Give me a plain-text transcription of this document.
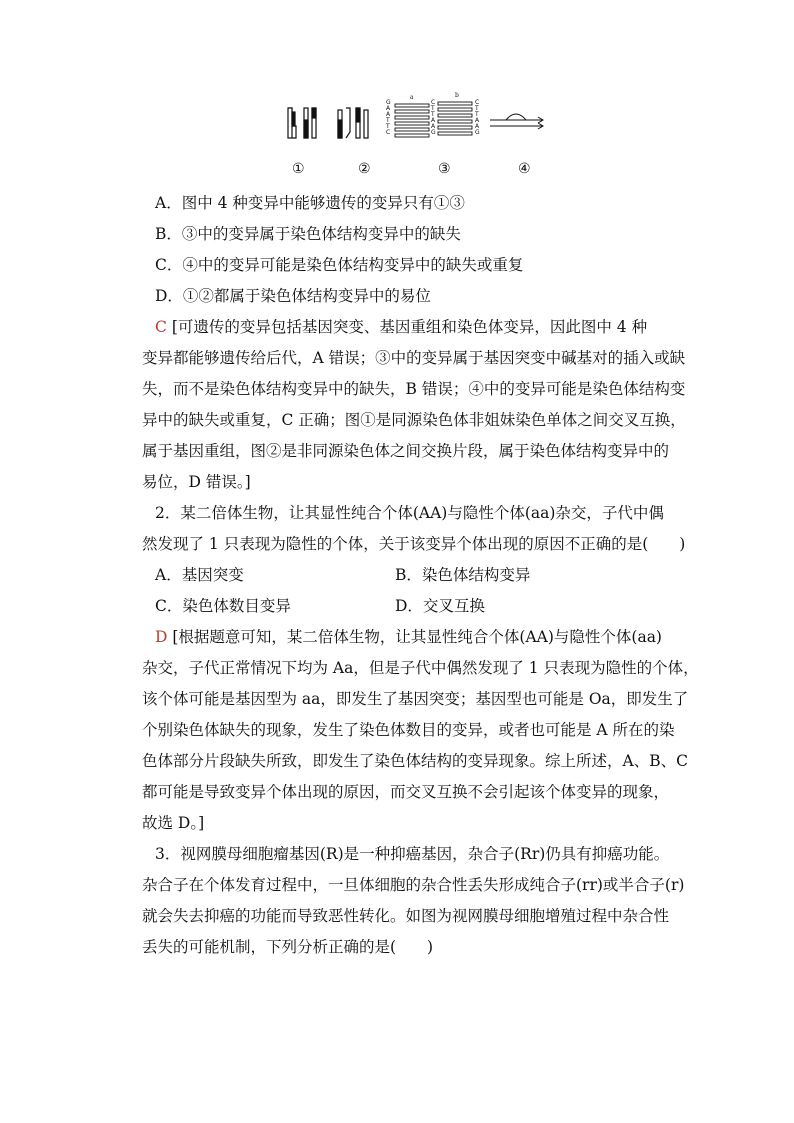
G
A
A
T
T
C
C
T
T
A
A
G
C
T
T
A
A
G
a	b
①	②	③	④
A．图中 4 种变异中能够遗传的变异只有①③
B．③中的变异属于染色体结构变异中的缺失
C．④中的变异可能是染色体结构变异中的缺失或重复
D．①②都属于染色体结构变异中的易位
C [可遗传的变异包括基因突变、基因重组和染色体变异，因此图中 4 种
变异都能够遗传给后代，A 错误；③中的变异属于基因突变中碱基对的插入或缺
失，而不是染色体结构变异中的缺失，B 错误；④中的变异可能是染色体结构变
异中的缺失或重复，C 正确；图①是同源染色体非姐妹染色单体之间交叉互换，
属于基因重组，图②是非同源染色体之间交换片段，属于染色体结构变异中的
易位，D 错误。]
2．某二倍体生物，让其显性纯合个体(AA)与隐性个体(aa)杂交，子代中偶
然发现了 1 只表现为隐性的个体，关于该变异个体出现的原因不正确的是(　　)
A．基因突变	B．染色体结构变异
C．染色体数目变异	D．交叉互换
D [根据题意可知，某二倍体生物，让其显性纯合个体(AA)与隐性个体(aa)
杂交，子代正常情况下均为 Aa，但是子代中偶然发现了 1 只表现为隐性的个体，
该个体可能是基因型为 aa，即发生了基因突变；基因型也可能是 Oa，即发生了
个别染色体缺失的现象，发生了染色体数目的变异，或者也可能是 A 所在的染
色体部分片段缺失所致，即发生了染色体结构的变异现象。综上所述，A、B、C
都可能是导致变异个体出现的原因，而交叉互换不会引起该个体变异的现象，
故选 D。]
3．视网膜母细胞瘤基因(R)是一种抑癌基因，杂合子(Rr)仍具有抑癌功能。
杂合子在个体发育过程中，一旦体细胞的杂合性丢失形成纯合子(rr)或半合子(r)
就会失去抑癌的功能而导致恶性转化。如图为视网膜母细胞增殖过程中杂合性
丢失的可能机制，下列分析正确的是(　　)
